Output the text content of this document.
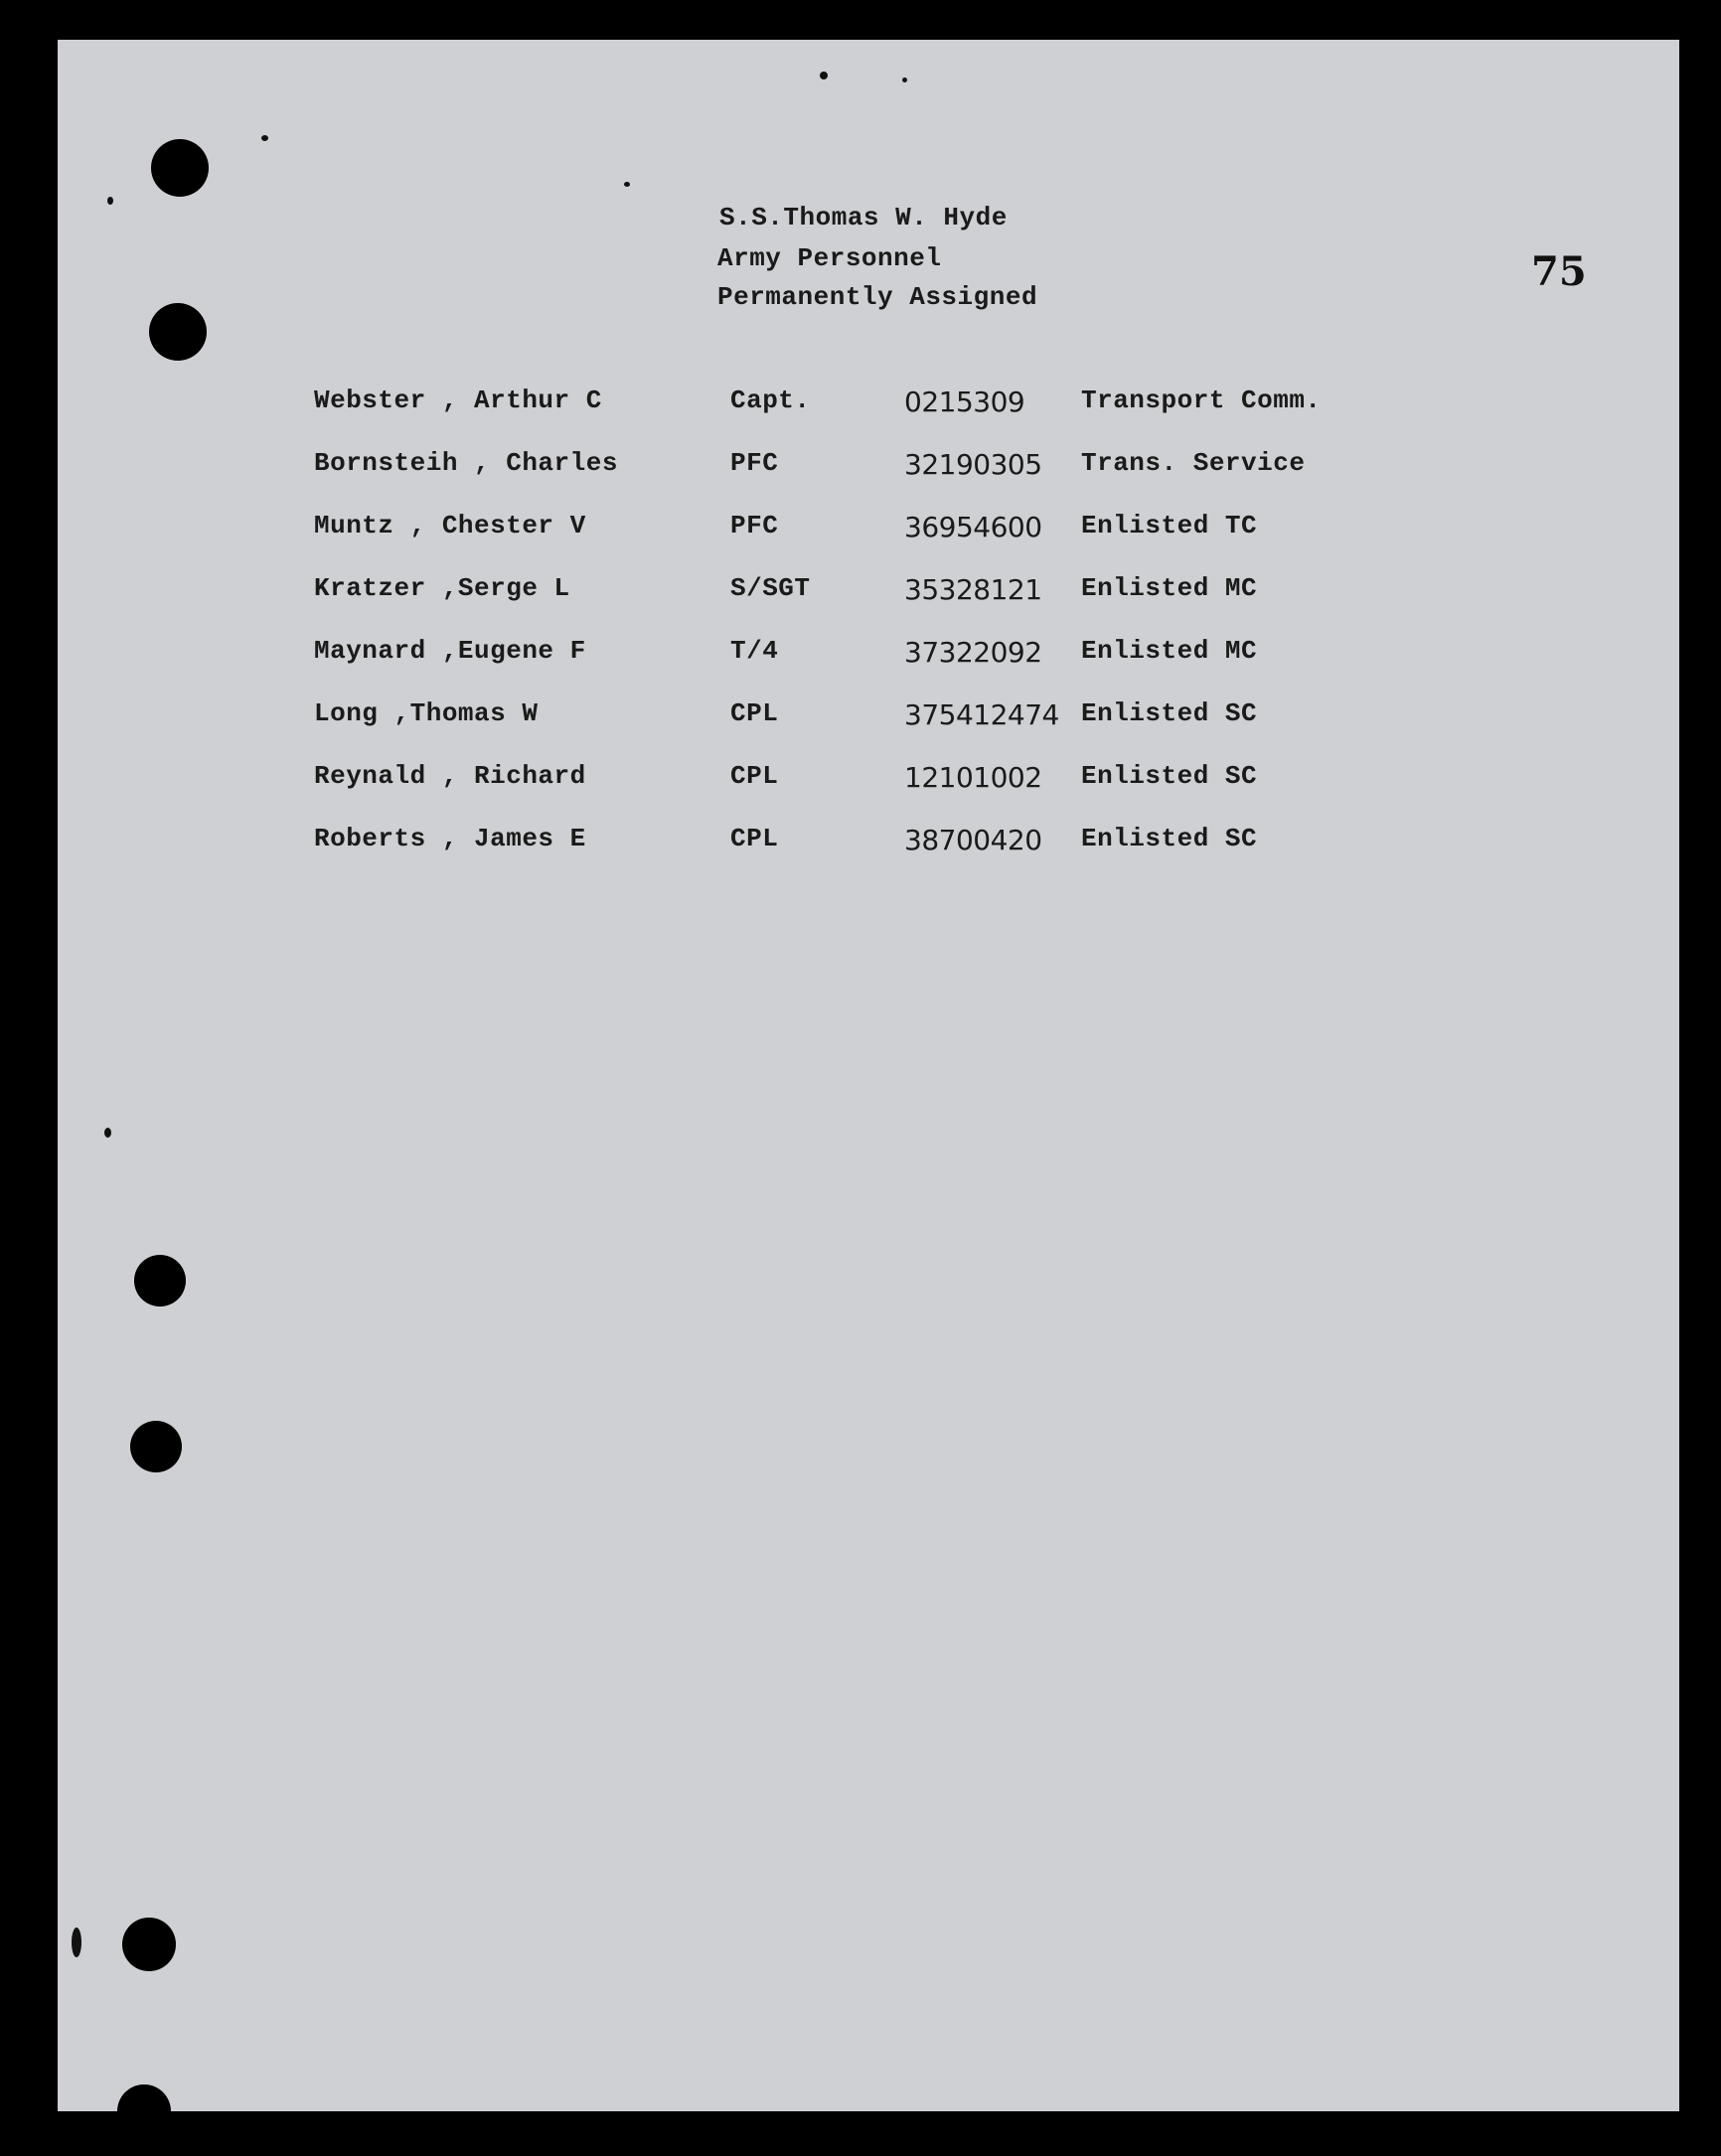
S.S.Thomas W. Hyde
Army Personnel
Permanently Assigned
75
Webster , Arthur C	Capt.	0215309 Transport Comm.
Bornsteih , Charles	PFC	32190305 Trans. Service
Muntz , Chester V	PFC	36954600 Enlisted TC
Kratzer ,Serge L	S/SGT	35328121 Enlisted MC
Maynard ,Eugene F	T/4	37322092 Enlisted MC
Long ,Thomas W	CPL	375412474 Enlisted SC
Reynald , Richard	CPL	12101002 Enlisted SC
Roberts , James E	CPL	38700420 Enlisted SC
